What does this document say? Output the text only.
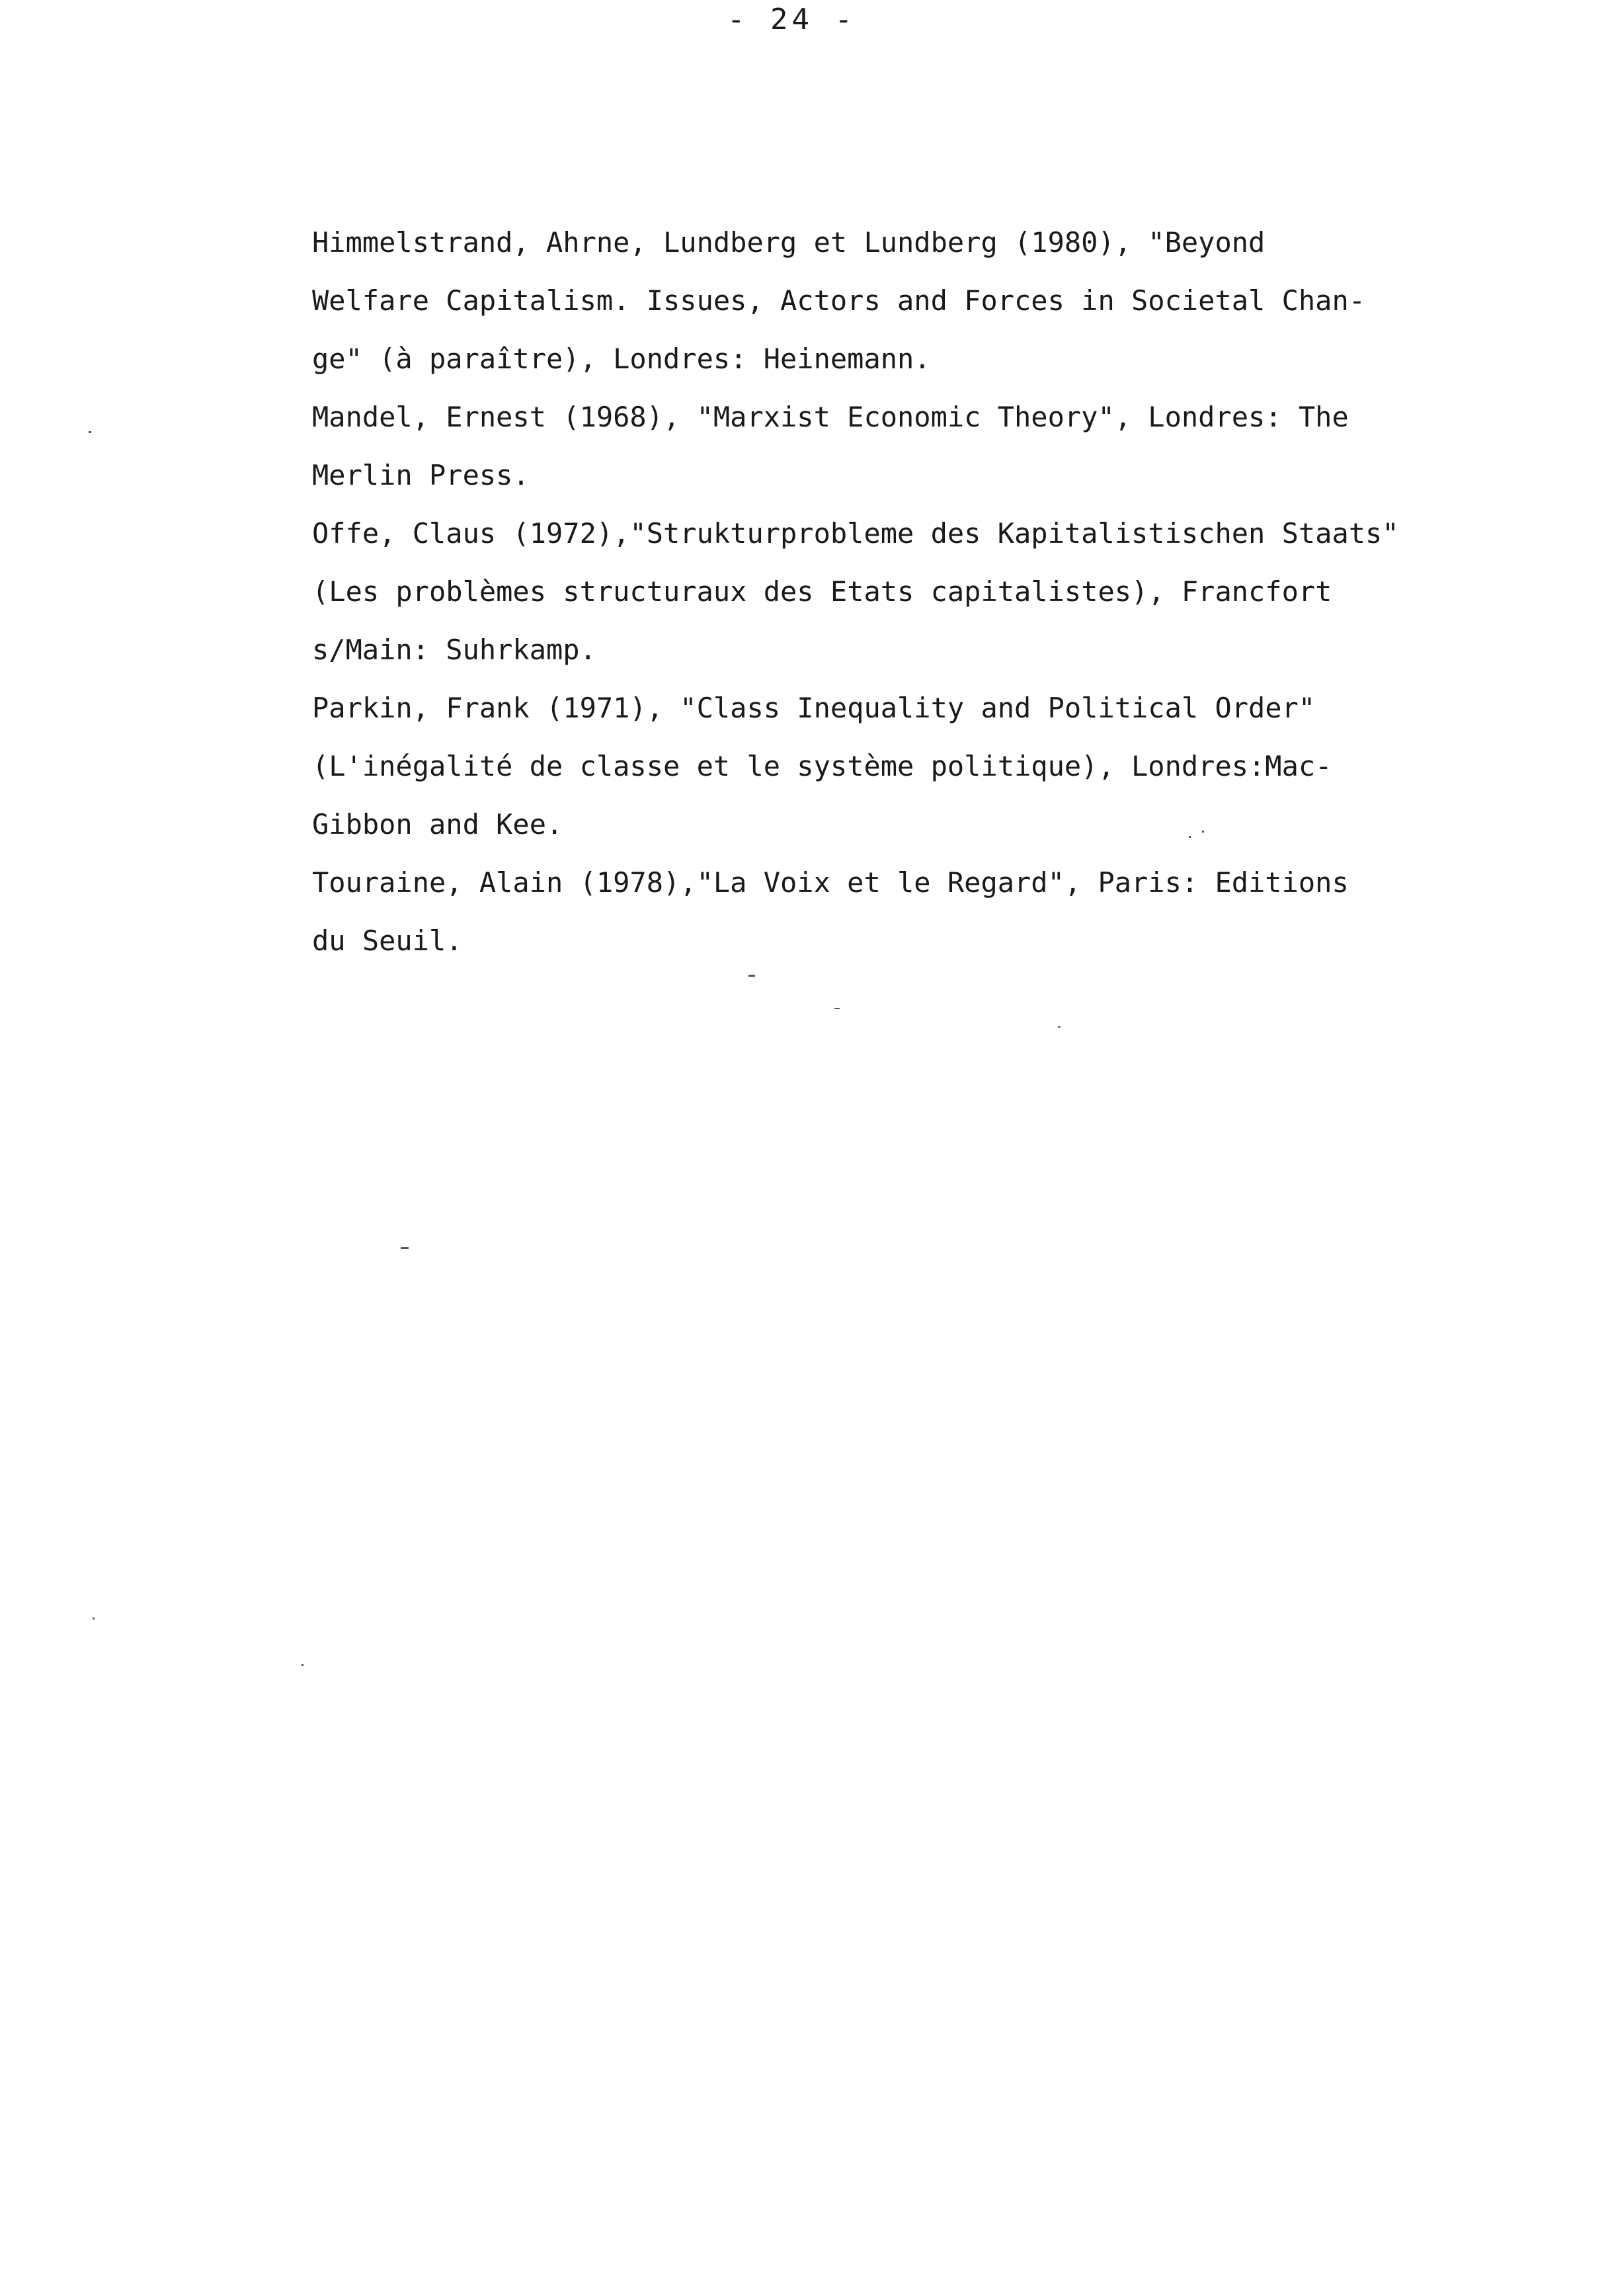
- 24 -
Himmelstrand, Ahrne, Lundberg et Lundberg (1980), "Beyond
Welfare Capitalism. Issues, Actors and Forces in Societal Chan-
ge" (à paraître), Londres: Heinemann.
Mandel, Ernest (1968), "Marxist Economic Theory", Londres: The
Merlin Press.
Offe, Claus (1972),"Strukturprobleme des Kapitalistischen Staats"
(Les problèmes structuraux des Etats capitalistes), Francfort
s/Main: Suhrkamp.
Parkin, Frank (1971), "Class Inequality and Political Order"
(L'inégalité de classe et le système politique), Londres:Mac-
Gibbon and Kee.
Touraine, Alain (1978),"La Voix et le Regard", Paris: Editions
du Seuil.
